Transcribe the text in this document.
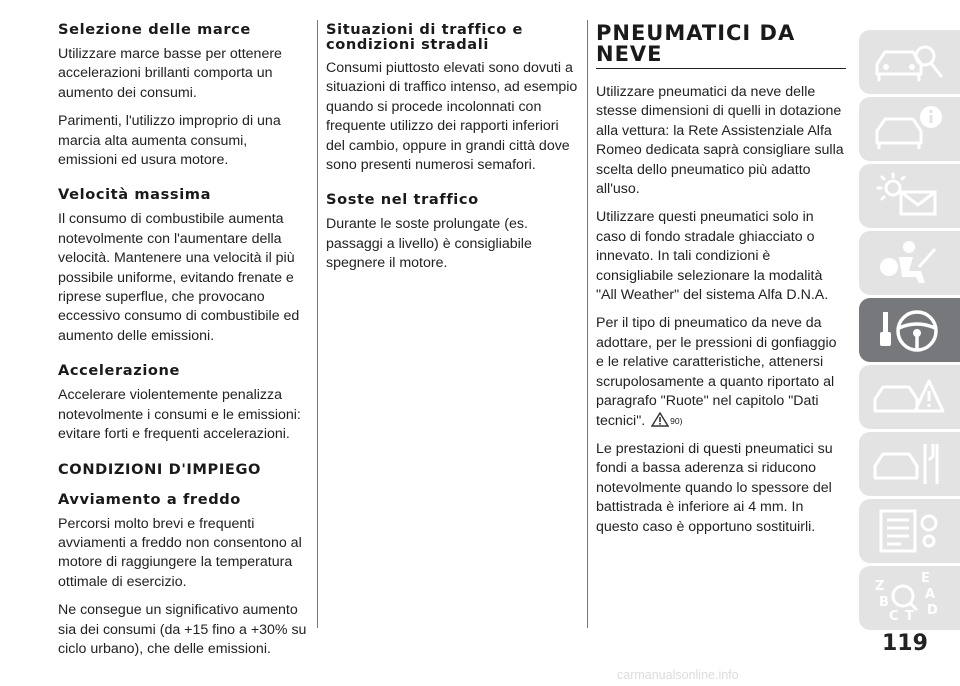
Selezione delle marce

Utilizzare marce basse per ottenere accelerazioni brillanti comporta un aumento dei consumi.

Parimenti, l'utilizzo improprio di una marcia alta aumenta consumi, emissioni ed usura motore.

Velocità massima

Il consumo di combustibile aumenta notevolmente con l'aumentare della velocità. Mantenere una velocità il più possibile uniforme, evitando frenate e riprese superflue, che provocano eccessivo consumo di combustibile ed aumento delle emissioni.

Accelerazione

Accelerare violentemente penalizza notevolmente i consumi e le emissioni: evitare forti e frequenti accelerazioni.

CONDIZIONI D'IMPIEGO
Avviamento a freddo

Percorsi molto brevi e frequenti avviamenti a freddo non consentono al motore di raggiungere la temperatura ottimale di esercizio.

Ne consegue un significativo aumento sia dei consumi (da +15 fino a +30% su ciclo urbano), che delle emissioni.

Situazioni di traffico e condizioni stradali

Consumi piuttosto elevati sono dovuti a situazioni di traffico intenso, ad esempio quando si procede incolonnati con frequente utilizzo dei rapporti inferiori del cambio, oppure in grandi città dove sono presenti numerosi semafori.

Soste nel traffico

Durante le soste prolungate (es. passaggi a livello) è consigliabile spegnere il motore.

PNEUMATICI DA NEVE

Utilizzare pneumatici da neve delle stesse dimensioni di quelli in dotazione alla vettura: la Rete Assistenziale Alfa Romeo dedicata saprà consigliare sulla scelta dello pneumatico più adatto all'uso.

Utilizzare questi pneumatici solo in caso di fondo stradale ghiacciato o innevato. In tali condizioni è consigliabile selezionare la modalità "All Weather" del sistema Alfa D.N.A.

Per il tipo di pneumatico da neve da adottare, per le pressioni di gonfiaggio e le relative caratteristiche, attenersi scrupolosamente a quanto riportato al paragrafo "Ruote" nel capitolo "Dati tecnici".	90)

Le prestazioni di questi pneumatici su fondi a bassa aderenza si riducono notevolmente quando lo spessore del battistrada è inferiore ai 4 mm. In questo caso è opportuno sostituirli.

Z
E
A
B
C T D
119
carmanualsonline.info
